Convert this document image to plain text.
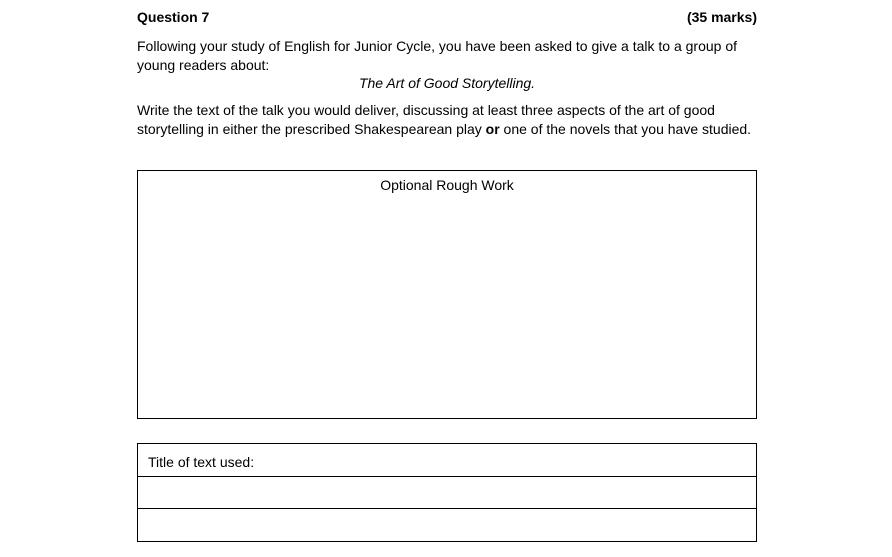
Question 7	(35 marks)
Following your study of English for Junior Cycle, you have been asked to give a talk to a group of young readers about:
The Art of Good Storytelling.
Write the text of the talk you would deliver, discussing at least three aspects of the art of good storytelling in either the prescribed Shakespearean play or one of the novels that you have studied.
Optional Rough Work
Title of text used:
